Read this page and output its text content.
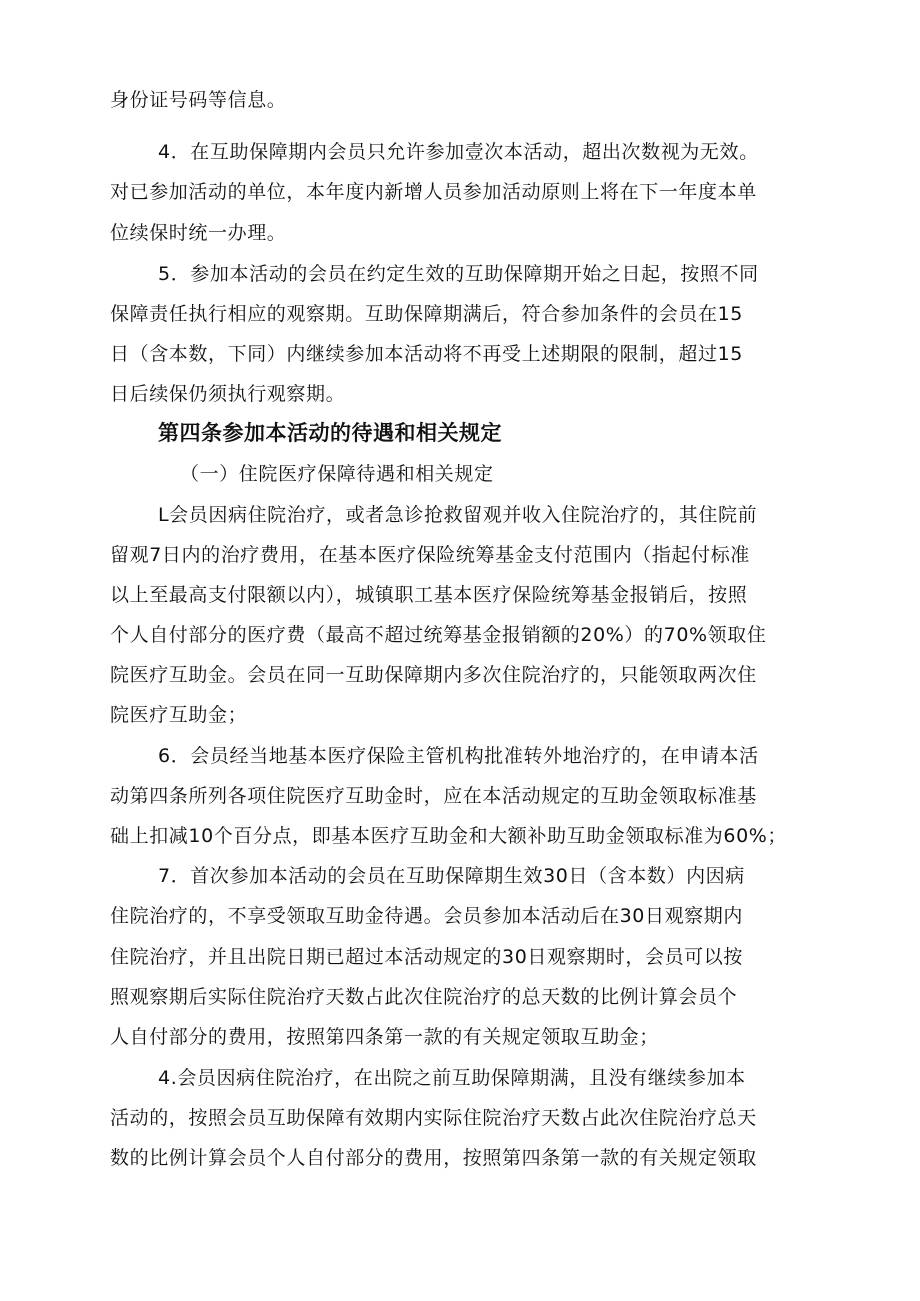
身份证号码等信息。
4．在互助保障期内会员只允许参加壹次本活动，超出次数视为无效。
对已参加活动的单位，本年度内新增人员参加活动原则上将在下一年度本单
位续保时统一办理。
5．参加本活动的会员在约定生效的互助保障期开始之日起，按照不同
保障责任执行相应的观察期。互助保障期满后，符合参加条件的会员在15
日（含本数，下同）内继续参加本活动将不再受上述期限的限制，超过15
日后续保仍须执行观察期。
第四条参加本活动的待遇和相关规定
（一）住院医疗保障待遇和相关规定
L会员因病住院治疗，或者急诊抢救留观并收入住院治疗的，其住院前
留观7日内的治疗费用，在基本医疗保险统筹基金支付范围内（指起付标准
以上至最高支付限额以内），城镇职工基本医疗保险统筹基金报销后，按照
个人自付部分的医疗费（最高不超过统筹基金报销额的20%）的70%领取住
院医疗互助金。会员在同一互助保障期内多次住院治疗的，只能领取两次住
院医疗互助金；
6．会员经当地基本医疗保险主管机构批准转外地治疗的，在申请本活
动第四条所列各项住院医疗互助金时，应在本活动规定的互助金领取标准基
础上扣减10个百分点，即基本医疗互助金和大额补助互助金领取标准为60%；
7．首次参加本活动的会员在互助保障期生效30日（含本数）内因病
住院治疗的，不享受领取互助金待遇。会员参加本活动后在30日观察期内
住院治疗，并且出院日期已超过本活动规定的30日观察期时，会员可以按
照观察期后实际住院治疗天数占此次住院治疗的总天数的比例计算会员个
人自付部分的费用，按照第四条第一款的有关规定领取互助金；
4.会员因病住院治疗，在出院之前互助保障期满，且没有继续参加本
活动的，按照会员互助保障有效期内实际住院治疗天数占此次住院治疗总天
数的比例计算会员个人自付部分的费用，按照第四条第一款的有关规定领取
